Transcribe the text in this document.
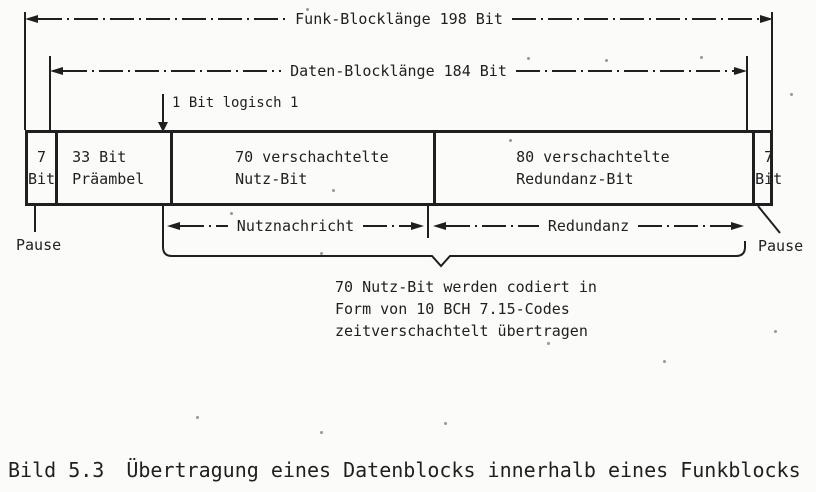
Funk-Blocklänge 198 Bit
Daten-Blocklänge 184 Bit
1 Bit logisch 1
7
Bit
33 Bit
Präambel
70 verschachtelte
Nutz-Bit
80 verschachtelte
Redundanz-Bit
7
Bit
Pause
Nutznachricht	Redundanz
Pause
70 Nutz-Bit werden codiert in
Form von 10 BCH 7.15-Codes
zeitverschachtelt übertragen
Bild 5.3 Übertragung eines Datenblocks innerhalb eines Funkblocks
